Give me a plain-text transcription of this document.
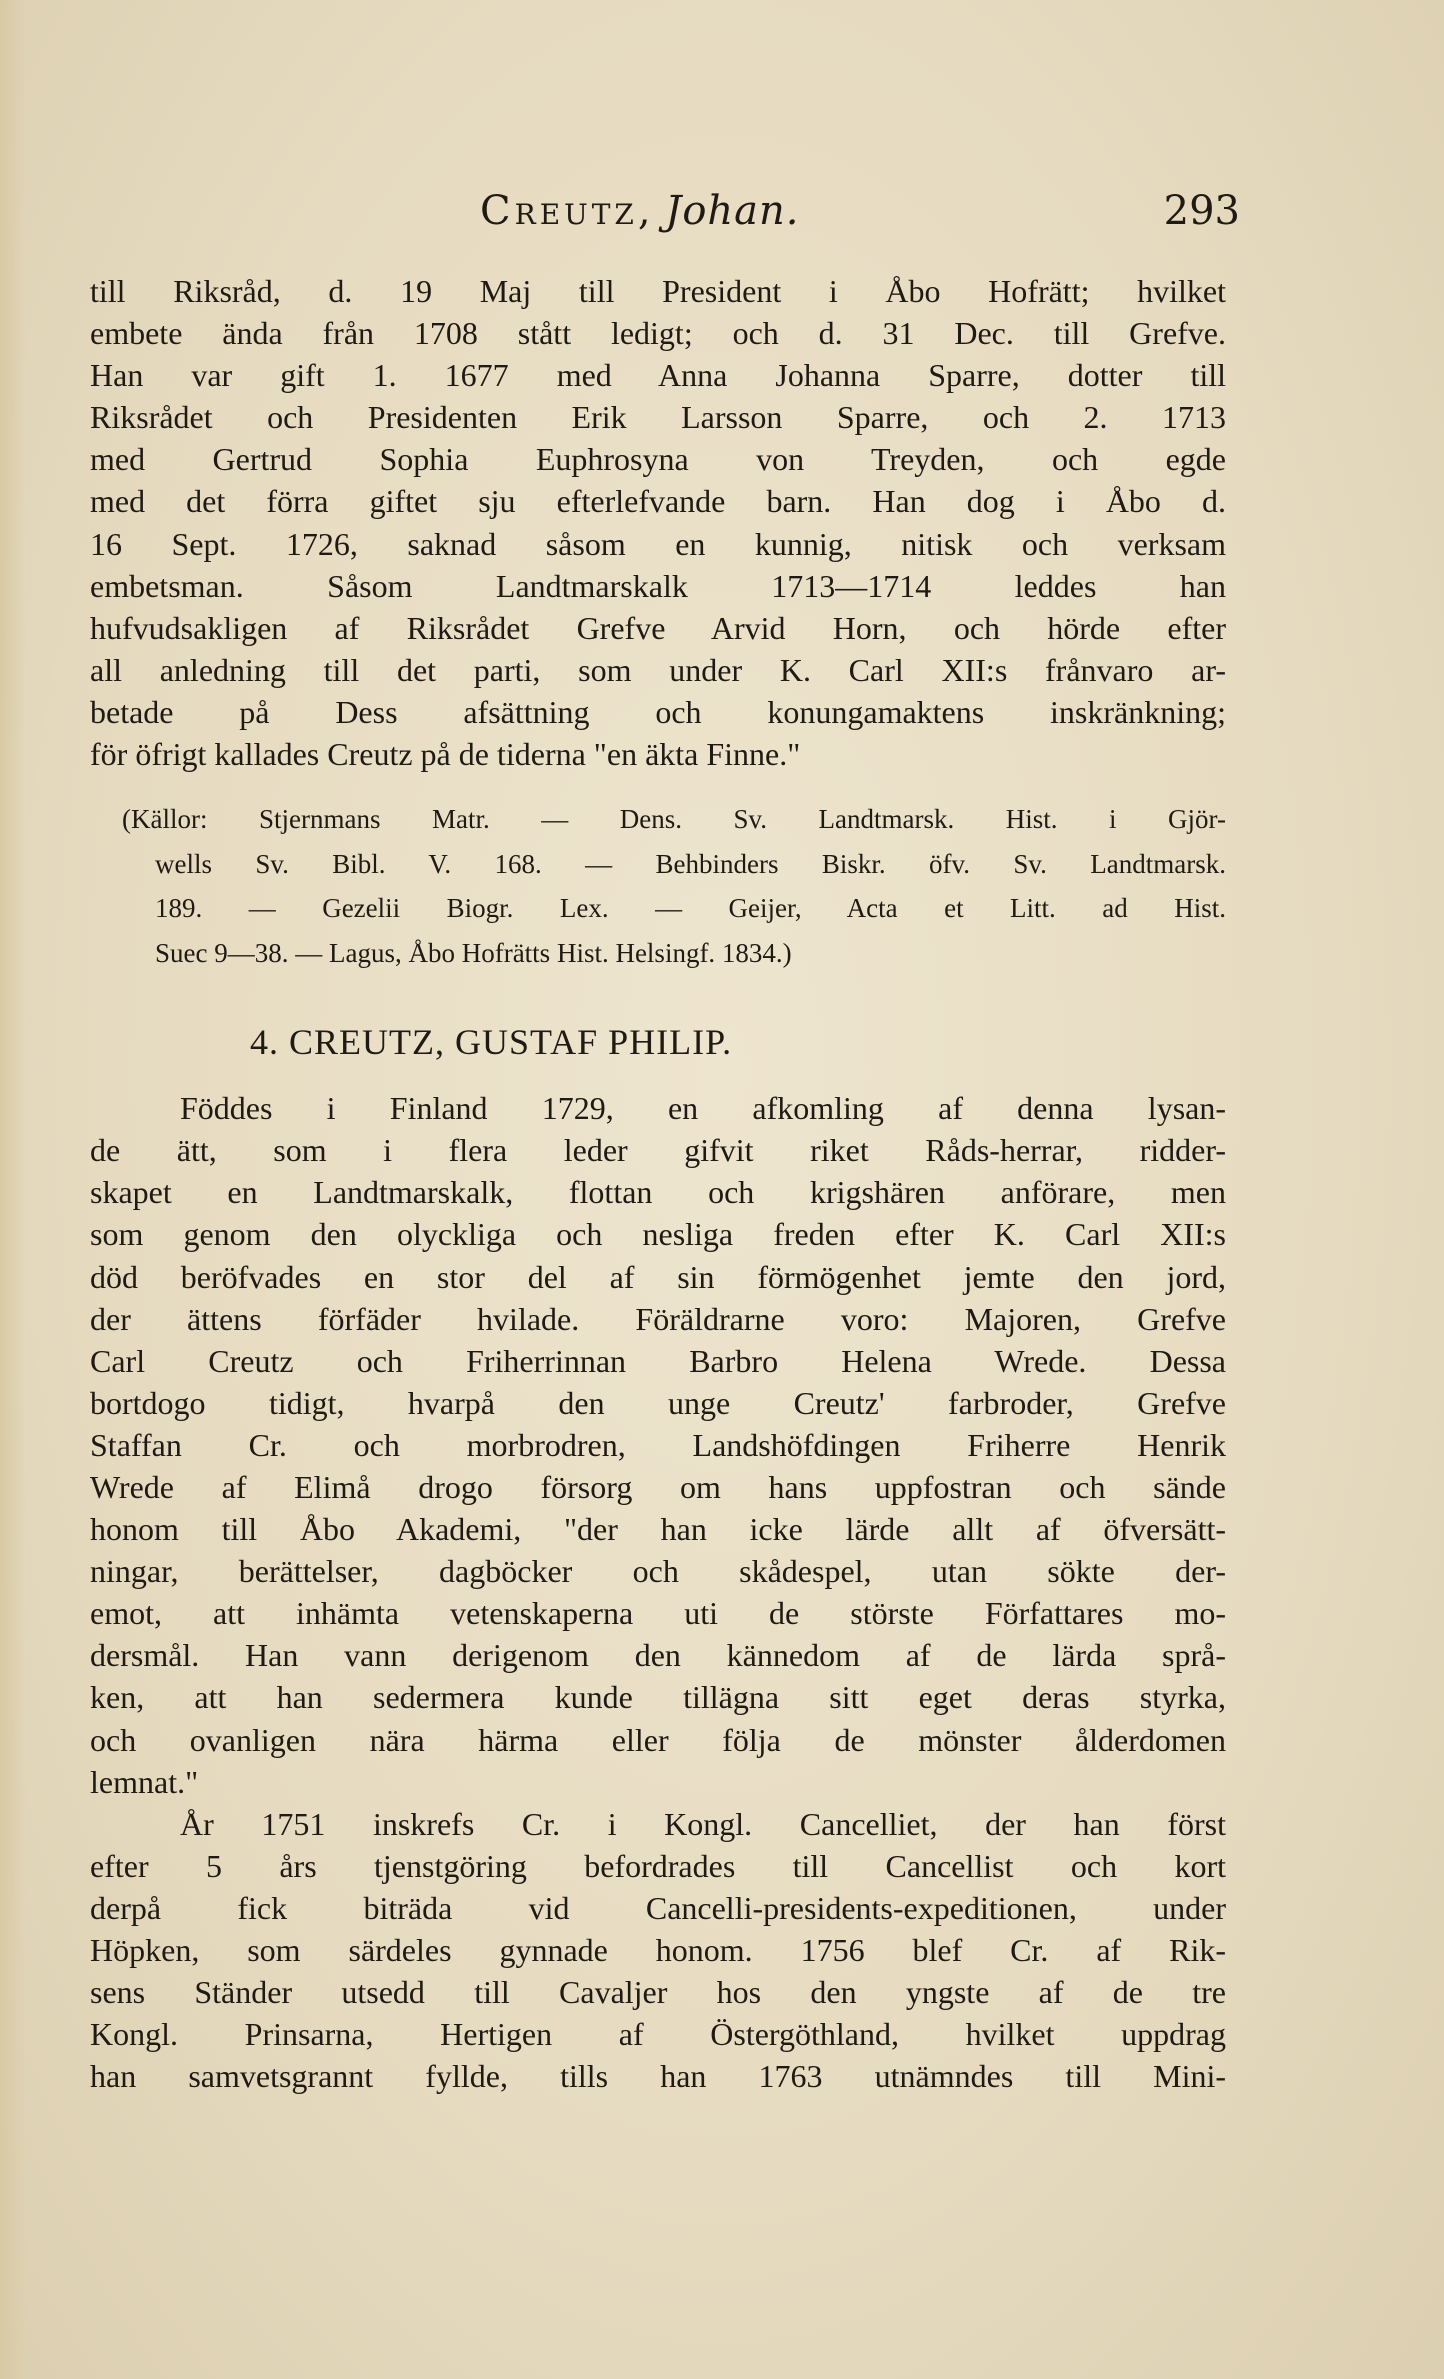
Creutz, Johan.	293
till Riksråd, d. 19 Maj till President i Åbo Hofrätt; hvilket
embete ända från 1708 stått ledigt; och d. 31 Dec. till Grefve.
Han var gift 1. 1677 med Anna Johanna Sparre, dotter till
Riksrådet och Presidenten Erik Larsson Sparre, och 2. 1713
med Gertrud Sophia Euphrosyna von Treyden, och egde
med det förra giftet sju efterlefvande barn. Han dog i Åbo d.
16 Sept. 1726, saknad såsom en kunnig, nitisk och verksam
embetsman. Såsom Landtmarskalk 1713—1714 leddes han
hufvudsakligen af Riksrådet Grefve Arvid Horn, och hörde efter
all anledning till det parti, som under K. Carl XII:s frånvaro ar-
betade på Dess afsättning och konungamaktens inskränkning;
för öfrigt kallades Creutz på de tiderna "en äkta Finne."
(Källor: Stjernmans Matr. — Dens. Sv. Landtmarsk. Hist. i Gjör-
wells Sv. Bibl. V. 168. — Behbinders Biskr. öfv. Sv. Landtmarsk.
189. — Gezelii Biogr. Lex. — Geijer, Acta et Litt. ad Hist.
Suec 9—38. — Lagus, Åbo Hofrätts Hist. Helsingf. 1834.)
4. CREUTZ, GUSTAF PHILIP.
Föddes i Finland 1729, en afkomling af denna lysan-
de ätt, som i flera leder gifvit riket Råds-herrar, ridder-
skapet en Landtmarskalk, flottan och krigshären anförare, men
som genom den olyckliga och nesliga freden efter K. Carl XII:s
död beröfvades en stor del af sin förmögenhet jemte den jord,
der ättens förfäder hvilade. Föräldrarne voro: Majoren, Grefve
Carl Creutz och Friherrinnan Barbro Helena Wrede. Dessa
bortdogo tidigt, hvarpå den unge Creutz' farbroder, Grefve
Staffan Cr. och morbrodren, Landshöfdingen Friherre Henrik
Wrede af Elimå drogo försorg om hans uppfostran och sände
honom till Åbo Akademi, "der han icke lärde allt af öfversätt-
ningar, berättelser, dagböcker och skådespel, utan sökte der-
emot, att inhämta vetenskaperna uti de störste Författares mo-
dersmål. Han vann derigenom den kännedom af de lärda språ-
ken, att han sedermera kunde tillägna sitt eget deras styrka,
och ovanligen nära härma eller följa de mönster ålderdomen
lemnat."
År 1751 inskrefs Cr. i Kongl. Cancelliet, der han först
efter 5 års tjenstgöring befordrades till Cancellist och kort
derpå fick biträda vid Cancelli-presidents-expeditionen, under
Höpken, som särdeles gynnade honom. 1756 blef Cr. af Rik-
sens Ständer utsedd till Cavaljer hos den yngste af de tre
Kongl. Prinsarna, Hertigen af Östergöthland, hvilket uppdrag
han samvetsgrannt fyllde, tills han 1763 utnämndes till Mini-
